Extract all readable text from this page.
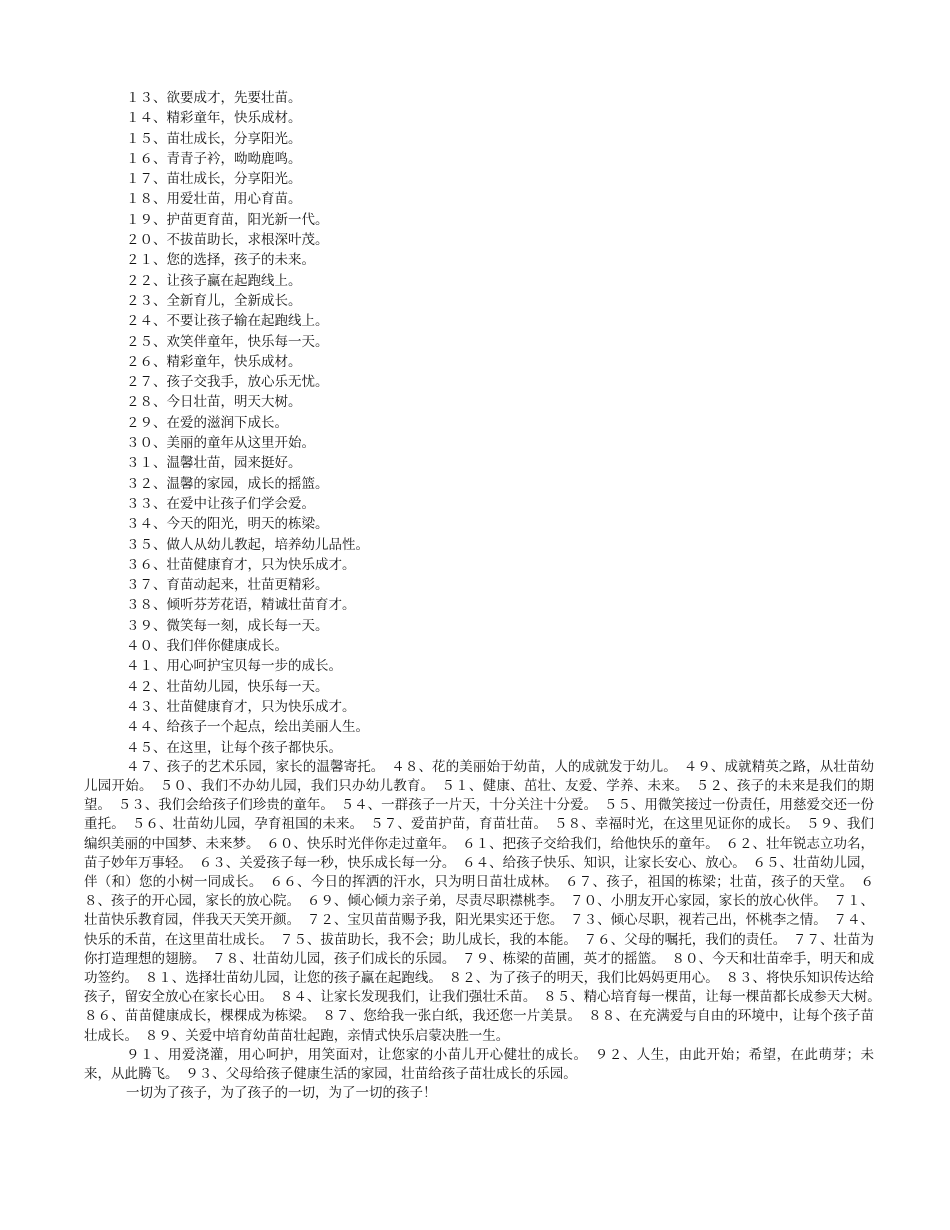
１３、欲要成才，先要壮苗。
１４、精彩童年，快乐成材。
１５、苗壮成长，分享阳光。
１６、青青子衿，呦呦鹿鸣。
１７、苗壮成长，分享阳光。
１８、用爱壮苗，用心育苗。
１９、护苗更育苗，阳光新一代。
２０、不拔苗助长，求根深叶茂。
２１、您的选择，孩子的未来。
２２、让孩子赢在起跑线上。
２３、全新育儿，全新成长。
２４、不要让孩子输在起跑线上。
２５、欢笑伴童年，快乐每一天。
２６、精彩童年，快乐成材。
２７、孩子交我手，放心乐无忧。
２８、今日壮苗，明天大树。
２９、在爱的滋润下成长。
３０、美丽的童年从这里开始。
３１、温馨壮苗，园来挺好。
３２、温馨的家园，成长的摇篮。
３３、在爱中让孩子们学会爱。
３４、今天的阳光，明天的栋梁。
３５、做人从幼儿教起，培养幼儿品性。
３６、壮苗健康育才，只为快乐成才。
３７、育苗动起来，壮苗更精彩。
３８、倾听芬芳花语，精诚壮苗育才。
３９、微笑每一刻，成长每一天。
４０、我们伴你健康成长。
４１、用心呵护宝贝每一步的成长。
４２、壮苗幼儿园，快乐每一天。
４３、壮苗健康育才，只为快乐成才。
４４、给孩子一个起点，绘出美丽人生。
４５、在这里，让每个孩子都快乐。

４７、孩子的艺术乐园，家长的温馨寄托。　４８、花的美丽始于幼苗，人的成就发于幼儿。　４９、成就精英之路，从壮苗幼儿园开始。　５０、我们不办幼儿园，我们只办幼儿教育。　５１、健康、茁壮、友爱、学养、未来。　５２、孩子的未来是我们的期望。　５３、我们会给孩子们珍贵的童年。　５４、一群孩子一片天，十分关注十分爱。　５５、用微笑接过一份责任，用慈爱交还一份重托。　５６、壮苗幼儿园，孕育祖国的未来。　５７、爱苗护苗，育苗壮苗。　５８、幸福时光，在这里见证你的成长。　５９、我们编织美丽的中国梦、未来梦。　６０、快乐时光伴你走过童年。　６１、把孩子交给我们，给他快乐的童年。　６２、壮年锐志立功名，苗子妙年万事轻。　６３、关爱孩子每一秒，快乐成长每一分。　６４、给孩子快乐、知识，让家长安心、放心。　６５、壮苗幼儿园，伴（和）您的小树一同成长。　６６、今日的挥洒的汗水，只为明日苗壮成林。　６７、孩子，祖国的栋梁；壮苗，孩子的天堂。　６８、孩子的开心园，家长的放心院。　６９、倾心倾力亲子弟，尽责尽职襟桃李。　７０、小朋友开心家园，家长的放心伙伴。　７１、壮苗快乐教育园，伴我天天笑开颜。　７２、宝贝苗苗赐予我，阳光果实还于您。　７３、倾心尽职，视若己出，怀桃李之情。　７４、快乐的禾苗，在这里苗壮成长。　７５、拔苗助长，我不会；助儿成长，我的本能。　７６、父母的嘱托，我们的责任。　７７、壮苗为你打造理想的翅膀。　７８、壮苗幼儿园，孩子们成长的乐园。　７９、栋梁的苗圃，英才的摇篮。　８０、今天和壮苗牵手，明天和成功签约。　８１、选择壮苗幼儿园，让您的孩子赢在起跑线。　８２、为了孩子的明天，我们比妈妈更用心。　８３、将快乐知识传达给孩子，留安全放心在家长心田。　８４、让家长发现我们，让我们强壮禾苗。　８５、精心培育每一棵苗，让每一棵苗都长成参天大树。　８６、苗苗健康成长，棵棵成为栋梁。　８７、您给我一张白纸，我还您一片美景。　８８、在充满爱与自由的环境中，让每个孩子苗壮成长。　８９、关爱中培育幼苗苗壮起跑，亲情式快乐启蒙决胜一生。

９１、用爱浇灌，用心呵护，用笑面对，让您家的小苗儿开心健壮的成长。　９２、人生，由此开始；希望，在此萌芽；未来，从此腾飞。　９３、父母给孩子健康生活的家园，壮苗给孩子苗壮成长的乐园。

一切为了孩子，为了孩子的一切，为了一切的孩子！
